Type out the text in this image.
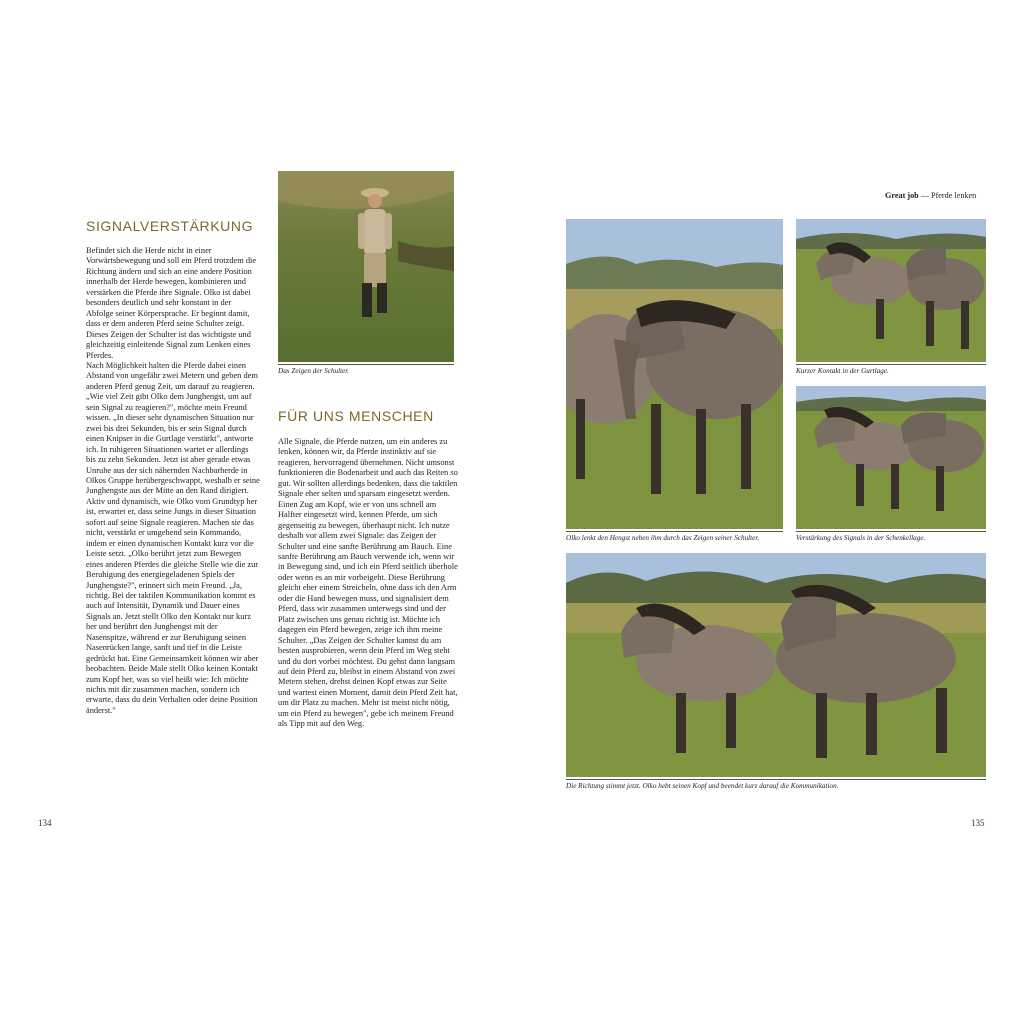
SIGNALVERSTÄRKUNG

Befindet sich die Herde nicht in einer Vorwärtsbewegung und soll ein Pferd trotzdem die Richtung ändern und sich an eine andere Position innerhalb der Herde bewegen, kombinieren und verstärken die Pferde ihre Signale. Olko ist dabei besonders deutlich und sehr konstant in der Abfolge seiner Körpersprache. Er beginnt damit, dass er dem anderen Pferd seine Schulter zeigt. Dieses Zeigen der Schulter ist das wichtigste und gleichzeitig einleitende Signal zum Lenken eines Pferdes.

Nach Möglichkeit halten die Pferde dabei einen Abstand von ungefähr zwei Metern und geben dem anderen Pferd genug Zeit, um darauf zu reagieren. „Wie viel Zeit gibt Olko dem Junghengst, um auf sein Signal zu reagieren?", möchte mein Freund wissen. „In dieser sehr dynamischen Situation nur zwei bis drei Sekunden, bis er sein Signal durch einen Knipser in die Gurtlage verstärkt", antworte ich. In ruhigeren Situationen wartet er allerdings bis zu zehn Sekunden. Jetzt ist aber gerade etwas Unruhe aus der sich nähernden Nachbarherde in Olkos Gruppe herübergeschwappt, weshalb er seine Junghengste aus der Mitte an den Rand dirigiert. Aktiv und dynamisch, wie Olko vom Grundtyp her ist, erwartet er, dass seine Jungs in dieser Situation sofort auf seine Signale reagieren. Machen sie das nicht, verstärkt er umgehend sein Kommando, indem er einen dynamischen Kontakt kurz vor die Leiste setzt. „Olko berührt jetzt zum Bewegen eines anderen Pferdes die gleiche Stelle wie die zur Beruhigung des energiegeladenen Spiels der Junghengste?", erinnert sich mein Freund. „Ja, richtig. Bei der taktilen Kommunikation kommt es auch auf Intensität, Dynamik und Dauer eines Signals an. Jetzt stellt Olko den Kontakt nur kurz her und berührt den Junghengst mit der Nasenspitze, während er zur Beruhigung seinen Nasenrücken lange, sanft und tief in die Leiste gedrückt hat. Eine Gemeinsamkeit können wir aber beobachten. Beide Male stellt Olko keinen Kontakt zum Kopf her, was so viel heißt wie: Ich möchte nichts mit dir zusammen machen, sondern ich erwarte, dass du dein Verhalten oder deine Position änderst."

Das Zeigen der Schulter.
FÜR UNS MENSCHEN

Alle Signale, die Pferde nutzen, um ein anderes zu lenken, können wir, da Pferde instinktiv auf sie reagieren, hervorragend übernehmen. Nicht umsonst funktionieren die Bodenarbeit und auch das Reiten so gut. Wir sollten allerdings bedenken, dass die taktilen Signale eher selten und sparsam eingesetzt werden. Einen Zug am Kopf, wie er von uns schnell am Halfter eingesetzt wird, kennen Pferde, um sich gegenseitig zu bewegen, überhaupt nicht. Ich nutze deshalb vor allem zwei Signale: das Zeigen der Schulter und eine sanfte Berührung am Bauch. Eine sanfte Berührung am Bauch verwende ich, wenn wir in Bewegung sind, und ich ein Pferd seitlich überhole oder wenn es an mir vorbeigeht. Diese Berührung gleicht eher einem Streicheln, ohne dass ich den Arm oder die Hand bewegen muss, und signalisiert dem Pferd, dass wir zusammen unterwegs sind und der Platz zwischen uns genau richtig ist. Möchte ich dagegen ein Pferd bewegen, zeige ich ihm meine Schulter. „Das Zeigen der Schulter kannst du am besten ausprobieren, wenn dein Pferd im Weg steht und du dort vorbei möchtest. Du gehst dann langsam auf dein Pferd zu, bleibst in einem Abstand von zwei Metern stehen, drehst deinen Kopf etwas zur Seite und wartest einen Moment, damit dein Pferd Zeit hat, um dir Platz zu machen. Mehr ist meist nicht nötig, um ein Pferd zu bewegen", gebe ich meinem Freund als Tipp mit auf den Weg.

134
Great job — Pferde lenken
Olko lenkt den Hengst neben ihm durch das Zeigen seiner Schulter.
Kurzer Kontakt in der Gurtlage.
Verstärkung des Signals in der Schenkellage.
Die Richtung stimmt jetzt. Olko hebt seinen Kopf und beendet kurz darauf die Kommunikation.
135
